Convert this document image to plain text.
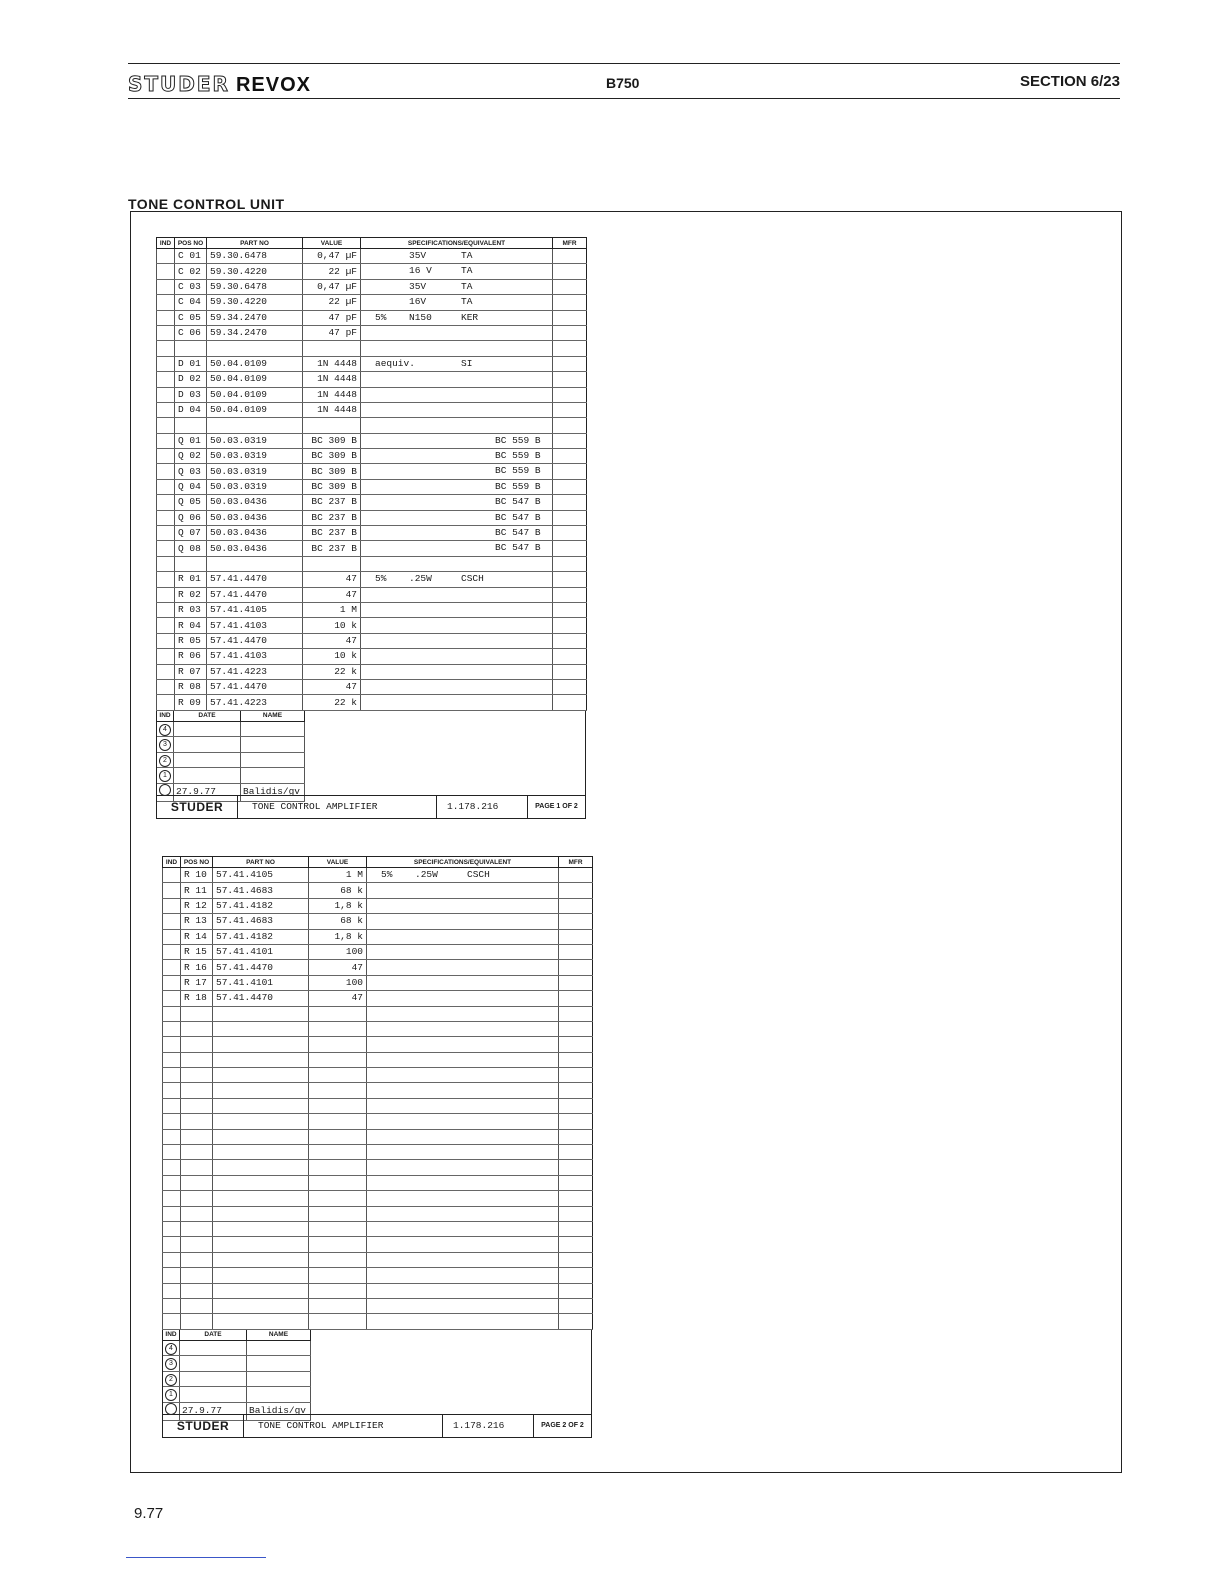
STUDER REVOX	B750	SECTION 6/23
TONE CONTROL UNIT
IND	POS NO	PART NO	VALUE	SPECIFICATIONS/EQUIVALENT	MFR
	C 01	59.30.6478	0,47 µF	35V TA	

	C 02	59.30.4220	22 µF	16 V TA	

	C 03	59.30.6478	0,47 µF	35V TA	

	C 04	59.30.4220	22 µF	16V TA	

	C 05	59.34.2470	47 pF	5% N150 KER	

	C 06	59.34.2470	47 pF	

	D 01	50.04.0109	1N 4448	aequiv. SI	

	D 02	50.04.0109	1N 4448	

	D 03	50.04.0109	1N 4448	

	D 04	50.04.0109	1N 4448	

	Q 01	50.03.0319	BC 309 B	BC 559 B	

	Q 02	50.03.0319	BC 309 B	BC 559 B	

	Q 03	50.03.0319	BC 309 B	BC 559 B	

	Q 04	50.03.0319	BC 309 B	BC 559 B	

	Q 05	50.03.0436	BC 237 B	BC 547 B	

	Q 06	50.03.0436	BC 237 B	BC 547 B	

	Q 07	50.03.0436	BC 237 B	BC 547 B	

	Q 08	50.03.0436	BC 237 B	BC 547 B	

	R 01	57.41.4470	47	5% .25W CSCH	

	R 02	57.41.4470	47	

	R 03	57.41.4105	1 M	

	R 04	57.41.4103	10 k	

	R 05	57.41.4470	47	

	R 06	57.41.4103	10 k	

	R 07	57.41.4223	22 k	

	R 08	57.41.4470	47	

	R 09	57.41.4223	22 k	

IND	DATE	NAME
4		
3		
2		
1		
	27.9.77	Balidis/gv
STUDER	TONE CONTROL AMPLIFIER	1.178.216	PAGE 1 OF 2
IND	POS NO	PART NO	VALUE	SPECIFICATIONS/EQUIVALENT	MFR
	R 10	57.41.4105	1 M	5% .25W CSCH	

	R 11	57.41.4683	68 k	

	R 12	57.41.4182	1,8 k	

	R 13	57.41.4683	68 k	

	R 14	57.41.4182	1,8 k	

	R 15	57.41.4101	100	

	R 16	57.41.4470	47	

	R 17	57.41.4101	100	

	R 18	57.41.4470	47	

IND	DATE	NAME
4		
3		
2		
1		
	27.9.77	Balidis/gv
STUDER	TONE CONTROL AMPLIFIER	1.178.216	PAGE 2 OF 2
9.77
